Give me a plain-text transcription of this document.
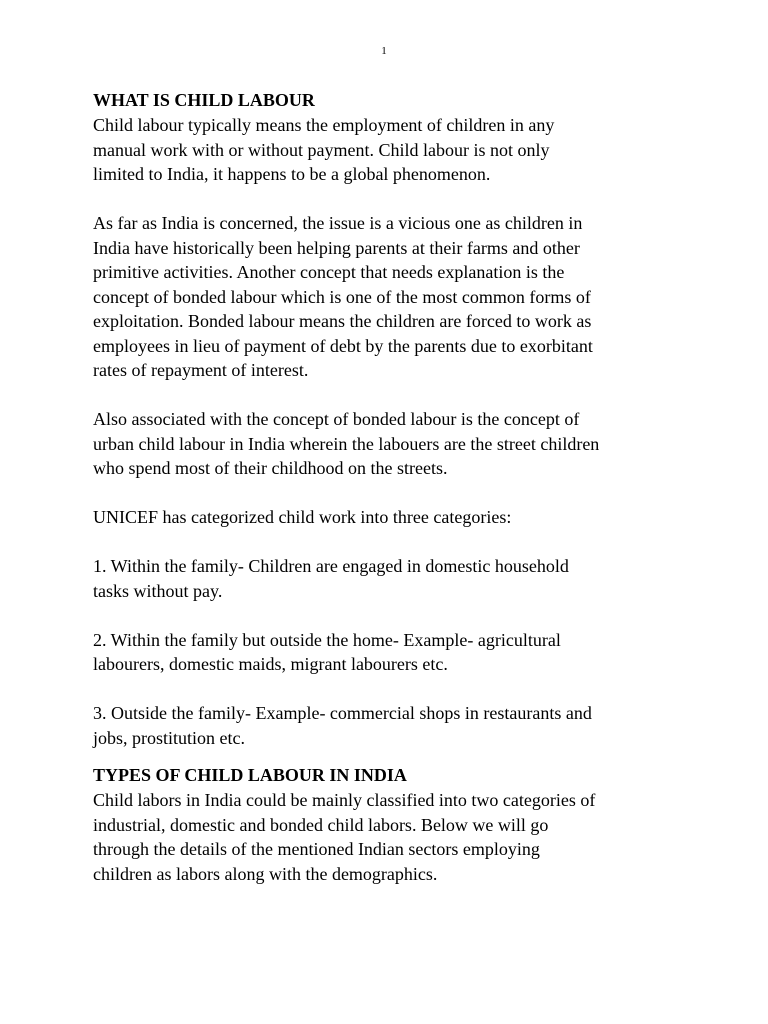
1
WHAT IS CHILD LABOUR
Child labour typically means the employment of children in any
manual work with or without payment. Child labour is not only
limited to India, it happens to be a global phenomenon.
As far as India is concerned, the issue is a vicious one as children in
India have historically been helping parents at their farms and other
primitive activities. Another concept that needs explanation is the
concept of bonded labour which is one of the most common forms of
exploitation. Bonded labour means the children are forced to work as
employees in lieu of payment of debt by the parents due to exorbitant
rates of repayment of interest.
Also associated with the concept of bonded labour is the concept of
urban child labour in India wherein the labouers are the street children
who spend most of their childhood on the streets.
UNICEF has categorized child work into three categories:
1. Within the family- Children are engaged in domestic household
tasks without pay.
2. Within the family but outside the home- Example- agricultural
labourers, domestic maids, migrant labourers etc.
3. Outside the family- Example- commercial shops in restaurants and
jobs, prostitution etc.
TYPES OF CHILD LABOUR IN INDIA
Child labors in India could be mainly classified into two categories of
industrial, domestic and bonded child labors. Below we will go
through the details of the mentioned Indian sectors employing
children as labors along with the demographics.
